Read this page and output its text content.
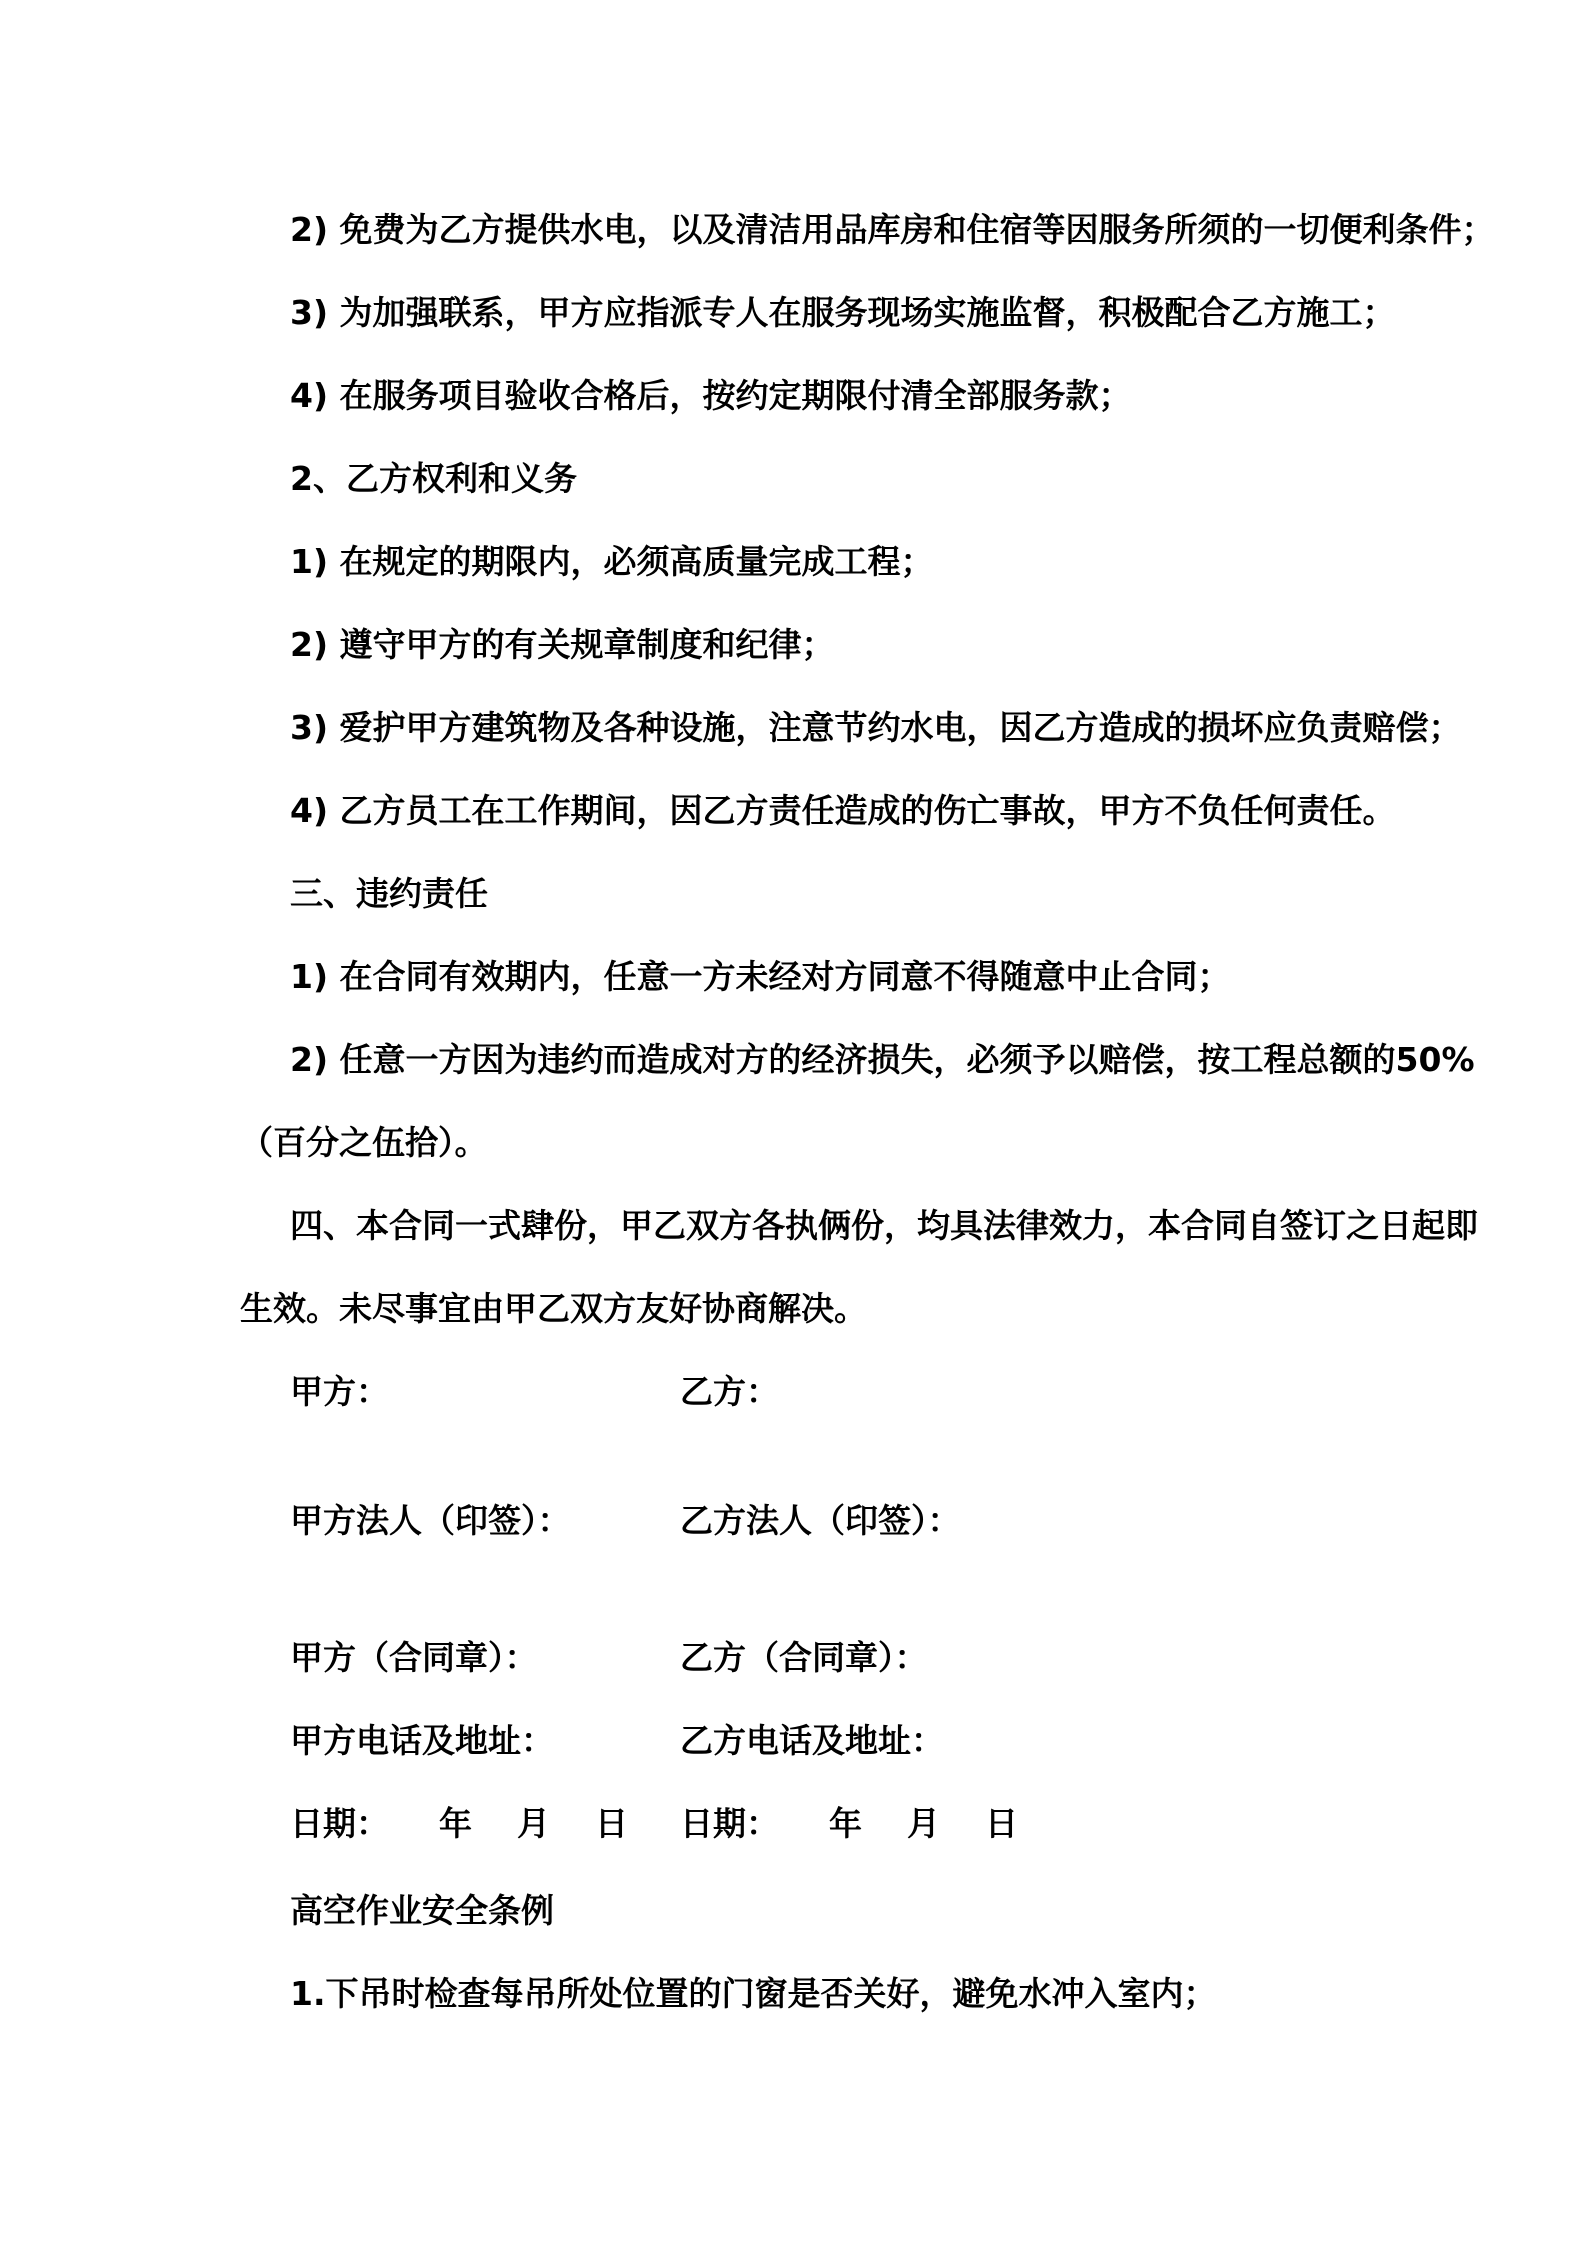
2) 免费为乙方提供水电，以及清洁用品库房和住宿等因服务所须的一切便利条件；
3) 为加强联系，甲方应指派专人在服务现场实施监督，积极配合乙方施工；
4) 在服务项目验收合格后，按约定期限付清全部服务款；
2、乙方权利和义务
1) 在规定的期限内，必须高质量完成工程；
2) 遵守甲方的有关规章制度和纪律；
3) 爱护甲方建筑物及各种设施，注意节约水电，因乙方造成的损坏应负责赔偿；
4) 乙方员工在工作期间，因乙方责任造成的伤亡事故，甲方不负任何责任。
三、违约责任
1) 在合同有效期内，任意一方未经对方同意不得随意中止合同；
2) 任意一方因为违约而造成对方的经济损失，必须予以赔偿，按工程总额的50%
（百分之伍拾）。
四、本合同一式肆份，甲乙双方各执俩份，均具法律效力，本合同自签订之日起即
生效。未尽事宜由甲乙双方友好协商解决。
甲方：	乙方：
甲方法人（印签）：	乙方法人（印签）：
甲方（合同章）：	乙方（合同章）：
甲方电话及地址：	乙方电话及地址：
日期： 年 月 日 日期： 年 月 日
高空作业安全条例
1.下吊时检查每吊所处位置的门窗是否关好，避免水冲入室内；
